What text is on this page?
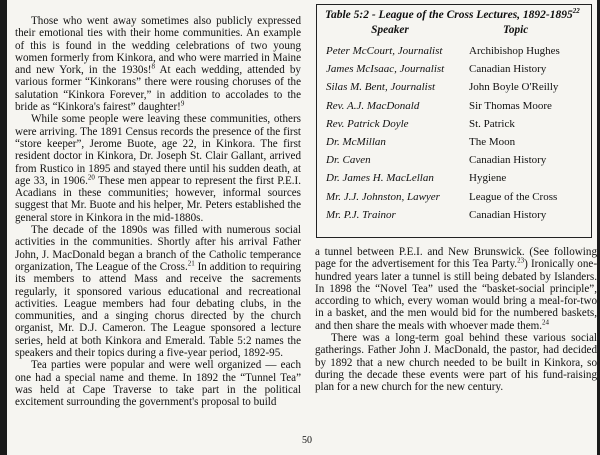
Those who went away sometimes also publicly expressed their emotional ties with their home communities. An example of this is found in the wedding celebrations of two young women formerly from Kinkora, and who were married in Maine and new York, in the 1930s!$^8$ At each wedding, attended by various former “Kinkorans” there were rousing choruses of the salutation “Kinkora Forever,” in addition to accolades to the bride as “Kinkora's fairest” daughter!$^9$

While some people were leaving these communities, others were arriving. The 1891 Census records the presence of the first “store keeper”, Jerome Buote, age 22, in Kinkora. The first resident doctor in Kinkora, Dr. Joseph St. Clair Gallant, arrived from Rustico in 1895 and stayed there until his sudden death, at age 33, in 1906.20 These men appear to represent the first P.E.I. Acadians in these communities; however, informal sources suggest that Mr. Buote and his helper, Mr. Peters established the general store in Kinkora in the mid-1880s.

The decade of the 1890s was filled with numerous social activities in the communities. Shortly after his arrival Father John, J. MacDonald began a branch of the Catholic temperance organization, The League of the Cross.$^{21}$ In addition to requiring its members to attend Mass and receive the sacrements regularly, it sponsored various educational and recreational activities. League members had four debating clubs, in the communities, and a singing chorus directed by the church organist, Mr. D.J. Cameron. The League sponsored a lecture series, held at both Kinkora and Emerald. Table 5:2 names the speakers and their topics during a five-year period, 1892-95.

Tea parties were popular and were well organized — each one had a special name and theme. In 1892 the “Tunnel Tea” was held at Cape Traverse to take part in the political excitement surrounding the government's proposal to build

Table 5:2 - League of the Cross Lectures, 1892-1895$^{22}$
Speaker	Topic
Peter McCourt, Journalist	Archibishop Hughes
James McIsaac, Journalist	Canadian History
Silas M. Bent, Journalist	John Boyle O'Reilly
Rev. A.J. MacDonald	Sir Thomas Moore
Rev. Patrick Doyle	St. Patrick
Dr. McMillan	The Moon
Dr. Caven	Canadian History
Dr. James H. MacLellan	Hygiene
Mr. J.J. Johnston, Lawyer	League of the Cross
Mr. P.J. Trainor	Canadian History

a tunnel between P.E.I. and New Brunswick. (See following page for the advertisement for this Tea Party.$^{23}$) Ironically one-hundred years later a tunnel is still being debated by Islanders. In 1898 the “Novel Tea” used the “basket-social principle”, according to which, every woman would bring a meal-for-two in a basket, and the men would bid for the numbered baskets, and then share the meals with whoever made them.$^{24}$

There was a long-term goal behind these various social gatherings. Father John J. MacDonald, the pastor, had decided by 1892 that a new church needed to be built in Kinkora, so during the decade these events were part of his fund-raising plan for a new church for the new century.

50
